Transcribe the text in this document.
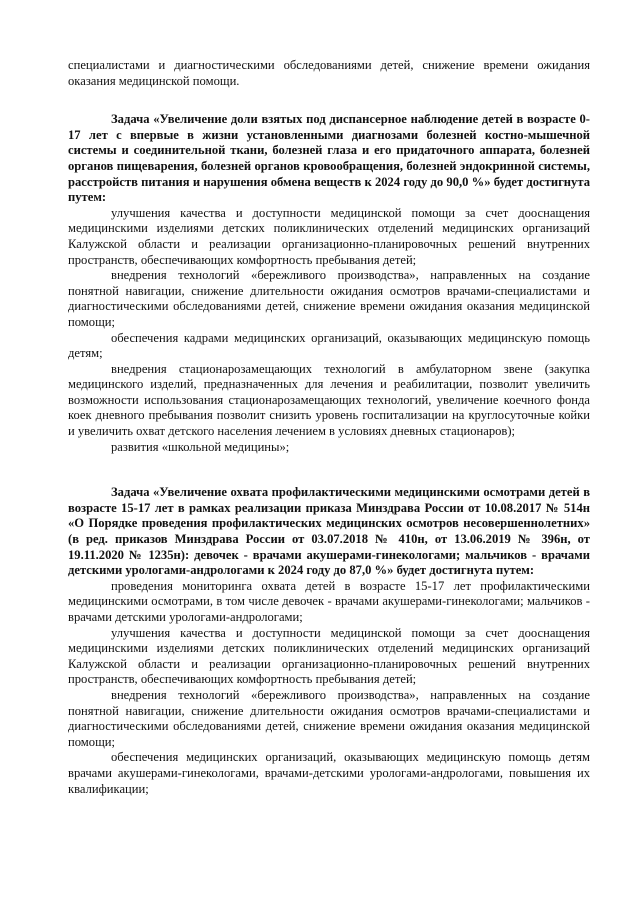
специалистами и диагностическими обследованиями детей, снижение времени ожидания оказания медицинской помощи.

Задача «Увеличение доли взятых под диспансерное наблюдение детей в возрасте 0-17 лет с впервые в жизни установленными диагнозами болезней костно-мышечной системы и соединительной ткани, болезней глаза и его придаточного аппарата, болезней органов пищеварения, болезней органов кровообращения, болезней эндокринной системы, расстройств питания и нарушения обмена веществ к 2024 году до 90,0 %» будет достигнута путем:

улучшения качества и доступности медицинской помощи за счет дооснащения медицинскими изделиями детских поликлинических отделений медицинских организаций Калужской области и реализации организационно-планировочных решений внутренних пространств, обеспечивающих комфортность пребывания детей;

внедрения технологий «бережливого производства», направленных на создание понятной навигации, снижение длительности ожидания осмотров врачами-специалистами и диагностическими обследованиями детей, снижение времени ожидания оказания медицинской помощи;

обеспечения кадрами медицинских организаций, оказывающих медицинскую помощь детям;

внедрения стационарозамещающих технологий в амбулаторном звене (закупка медицинского изделий, предназначенных для лечения и реабилитации, позволит увеличить возможности использования стационарозамещающих технологий, увеличение коечного фонда коек дневного пребывания позволит снизить уровень госпитализации на круглосуточные койки и увеличить охват детского населения лечением в условиях дневных стационаров);

развития «школьной медицины»;

Задача «Увеличение охвата профилактическими медицинскими осмотрами детей в возрасте 15-17 лет в рамках реализации приказа Минздрава России от 10.08.2017 № 514н «О Порядке проведения профилактических медицинских осмотров несовершеннолетних» (в ред. приказов Минздрава России от 03.07.2018 № 410н, от 13.06.2019 № 396н, от 19.11.2020 № 1235н): девочек - врачами акушерами-гинекологами; мальчиков - врачами детскими урологами-андрологами к 2024 году до 87,0 %» будет достигнута путем:

проведения мониторинга охвата детей в возрасте 15-17 лет профилактическими медицинскими осмотрами, в том числе девочек - врачами акушерами-гинекологами; мальчиков - врачами детскими урологами-андрологами;

улучшения качества и доступности медицинской помощи за счет дооснащения медицинскими изделиями детских поликлинических отделений медицинских организаций Калужской области и реализации организационно-планировочных решений внутренних пространств, обеспечивающих комфортность пребывания детей;

внедрения технологий «бережливого производства», направленных на создание понятной навигации, снижение длительности ожидания осмотров врачами-специалистами и диагностическими обследованиями детей, снижение времени ожидания оказания медицинской помощи;

обеспечения медицинских организаций, оказывающих медицинскую помощь детям врачами акушерами-гинекологами, врачами-детскими урологами-андрологами, повышения их квалификации;
